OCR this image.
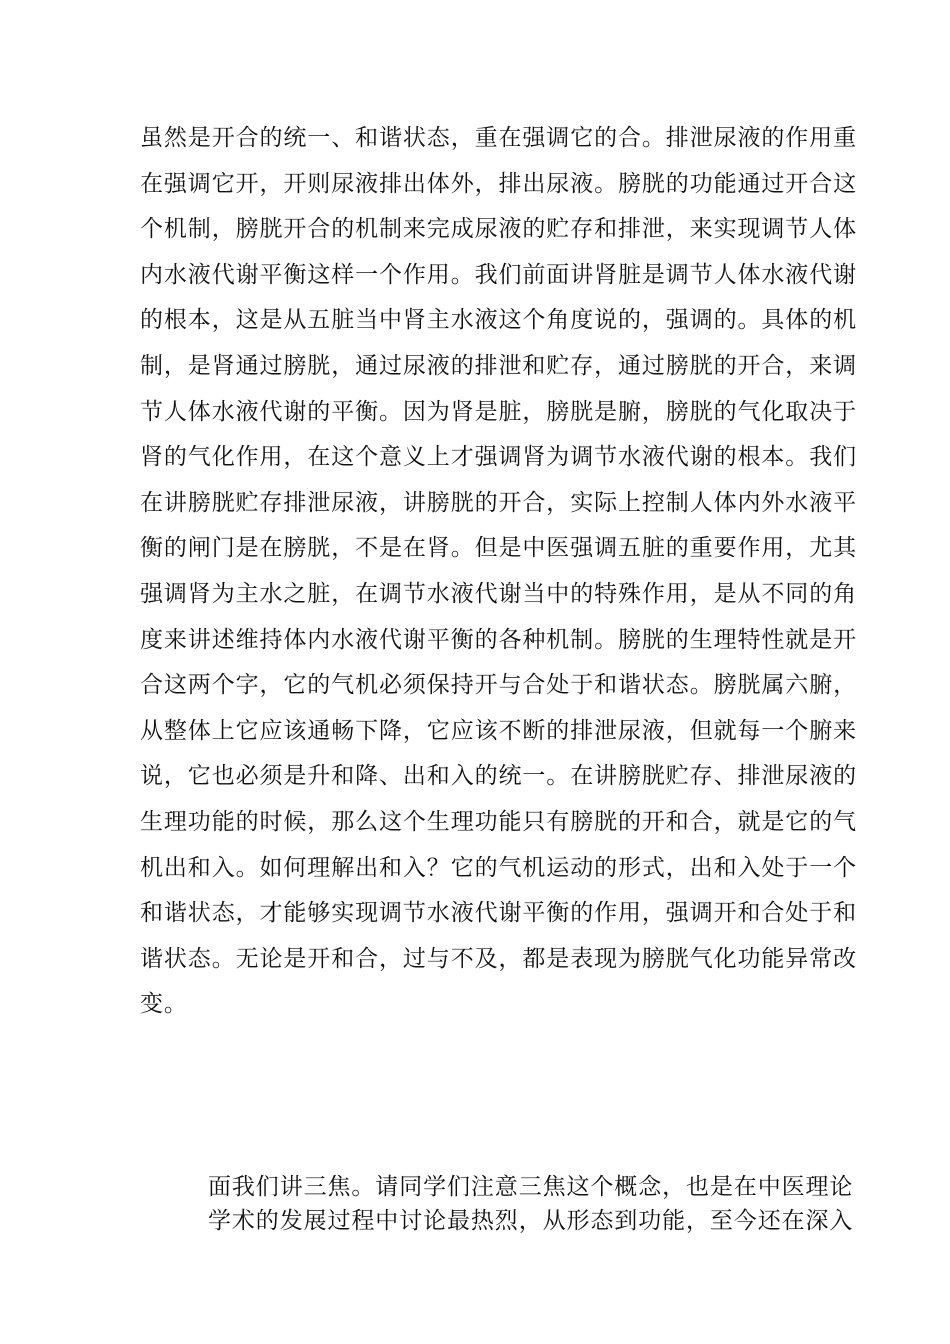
虽然是开合的统一、和谐状态，重在强调它的合。排泄尿液的作用重
在强调它开，开则尿液排出体外，排出尿液。膀胱的功能通过开合这
个机制，膀胱开合的机制来完成尿液的贮存和排泄，来实现调节人体
内水液代谢平衡这样一个作用。我们前面讲肾脏是调节人体水液代谢
的根本，这是从五脏当中肾主水液这个角度说的，强调的。具体的机
制，是肾通过膀胱，通过尿液的排泄和贮存，通过膀胱的开合，来调
节人体水液代谢的平衡。因为肾是脏，膀胱是腑，膀胱的气化取决于
肾的气化作用，在这个意义上才强调肾为调节水液代谢的根本。我们
在讲膀胱贮存排泄尿液，讲膀胱的开合，实际上控制人体内外水液平
衡的闸门是在膀胱，不是在肾。但是中医强调五脏的重要作用，尤其
强调肾为主水之脏，在调节水液代谢当中的特殊作用，是从不同的角
度来讲述维持体内水液代谢平衡的各种机制。膀胱的生理特性就是开
合这两个字，它的气机必须保持开与合处于和谐状态。膀胱属六腑，
从整体上它应该通畅下降，它应该不断的排泄尿液，但就每一个腑来
说，它也必须是升和降、出和入的统一。在讲膀胱贮存、排泄尿液的
生理功能的时候，那么这个生理功能只有膀胱的开和合，就是它的气
机出和入。如何理解出和入？它的气机运动的形式，出和入处于一个
和谐状态，才能够实现调节水液代谢平衡的作用，强调开和合处于和
谐状态。无论是开和合，过与不及，都是表现为膀胱气化功能异常改
变。
面我们讲三焦。请同学们注意三焦这个概念，也是在中医理论
学术的发展过程中讨论最热烈，从形态到功能，至今还在深入
